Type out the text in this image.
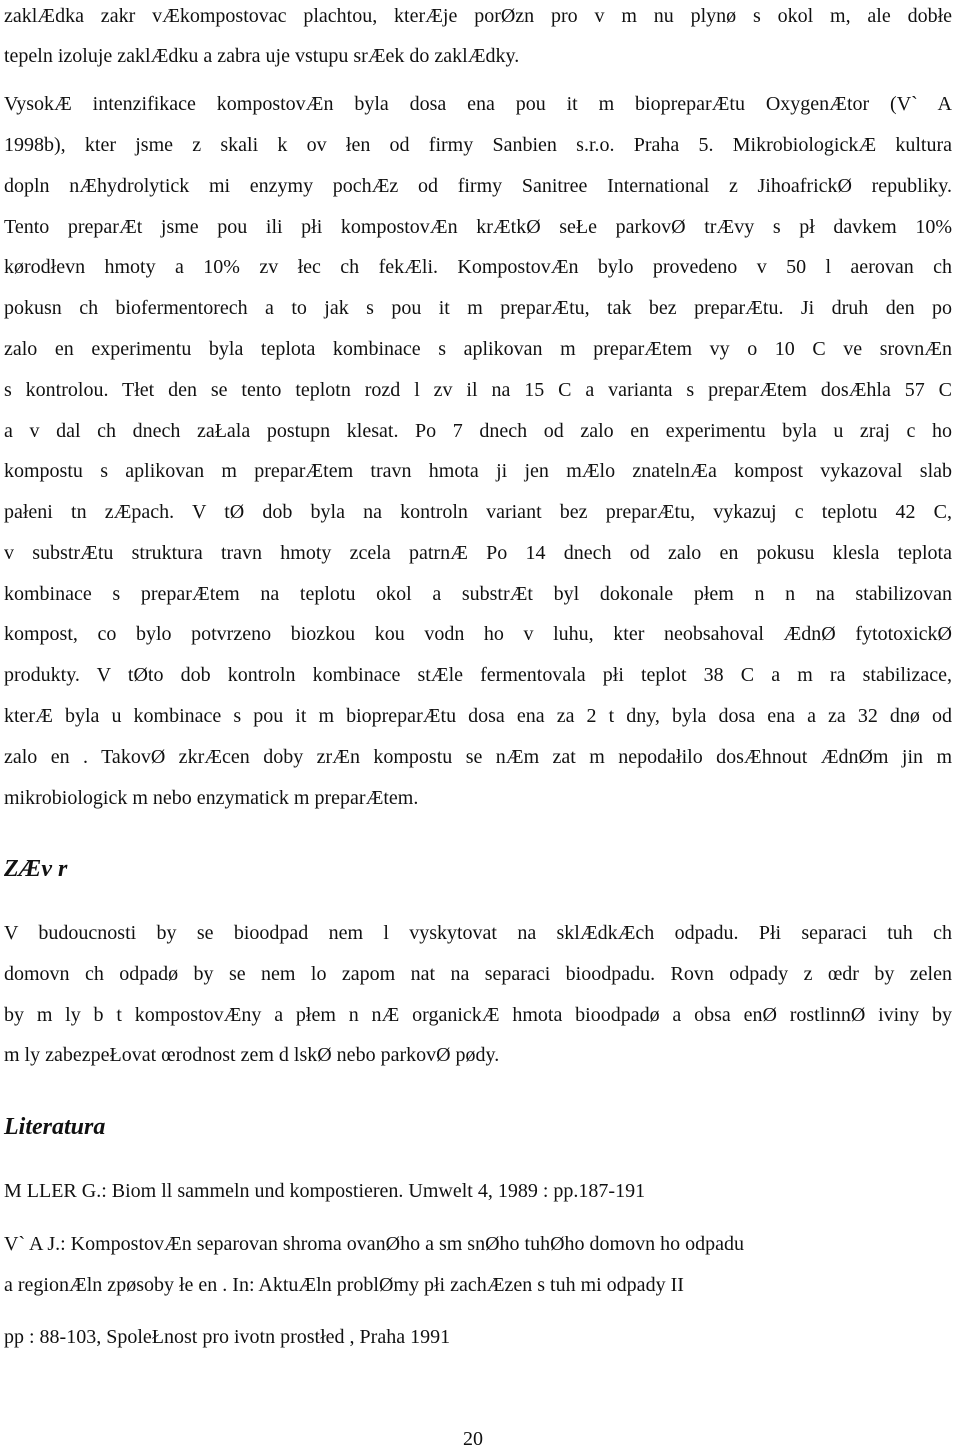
zaklÆdka zakr vÆkompostovac plachtou, kterÆje porØzn pro v m nu plynø s okol m, ale dobłe
tepeln izoluje zaklÆdku a zabra uje vstupu srÆek do zaklÆdky.
VysokÆ intenzifikace kompostovÆn byla dosa ena pou it m biopreparÆtu OxygenÆtor (V` A
1998b), kter jsme z skali k ov łen od firmy Sanbien s.r.o. Praha 5. MikrobiologickÆ kultura
dopln nÆhydrolytick mi enzymy pochÆz od firmy Sanitree International z JihoafrickØ republiky.
Tento preparÆt jsme pou ili płi kompostovÆn krÆtkØ seŁe parkovØ trÆvy s pł davkem 10%
kørodłevn hmoty a 10% zv łec ch fekÆli. KompostovÆn bylo provedeno v 50 l aerovan ch
pokusn ch biofermentorech a to jak s pou it m preparÆtu, tak bez preparÆtu. Ji druh den po
zalo en experimentu byla teplota kombinace s aplikovan m preparÆtem vy o 10 C ve srovnÆn
s kontrolou. Tłet den se tento teplotn rozd l zv il na 15 C a varianta s preparÆtem dosÆhla 57 C
a v dal ch dnech zaŁala postupn klesat. Po 7 dnech od zalo en experimentu byla u zraj c ho
kompostu s aplikovan m preparÆtem travn hmota ji jen mÆlo znatelnÆa kompost vykazoval slab
pałeni tn zÆpach. V tØ dob byla na kontroln variant bez preparÆtu, vykazuj c teplotu 42 C,
v substrÆtu struktura travn hmoty zcela patrnÆ Po 14 dnech od zalo en pokusu klesla teplota
kombinace s preparÆtem na teplotu okol a substrÆt byl dokonale płem n n na stabilizovan
kompost, co bylo potvrzeno biozkou kou vodn ho v luhu, kter neobsahoval ÆdnØ fytotoxickØ
produkty. V tØto dob kontroln kombinace stÆle fermentovala płi teplot 38 C a m ra stabilizace,
kterÆ byla u kombinace s pou it m biopreparÆtu dosa ena za 2 t dny, byla dosa ena a za 32 dnø od
zalo en . TakovØ zkrÆcen doby zrÆn kompostu se nÆm zat m nepodałilo dosÆhnout ÆdnØm jin m
mikrobiologick m nebo enzymatick m preparÆtem.
ZÆv r
V budoucnosti by se bioodpad nem l vyskytovat na sklÆdkÆch odpadu. Płi separaci tuh ch
domovn ch odpadø by se nem lo zapom nat na separaci bioodpadu. Rovn odpady z œdr by zelen
by m ly b t kompostovÆny a płem n nÆ organickÆ hmota bioodpadø a obsa enØ rostlinnØ iviny by
m ly zabezpeŁovat œrodnost zem d lskØ nebo parkovØ pødy.
Literatura
M LLER G.: Biom ll sammeln und kompostieren. Umwelt 4, 1989 : pp.187-191
V` A J.: KompostovÆn separovan shroma ovanØho a sm snØho tuhØho domovn ho odpadu
a regionÆln zpøsoby łe en . In: AktuÆln problØmy płi zachÆzen s tuh mi odpady II
pp : 88-103, SpoleŁnost pro ivotn prostłed , Praha 1991
20
